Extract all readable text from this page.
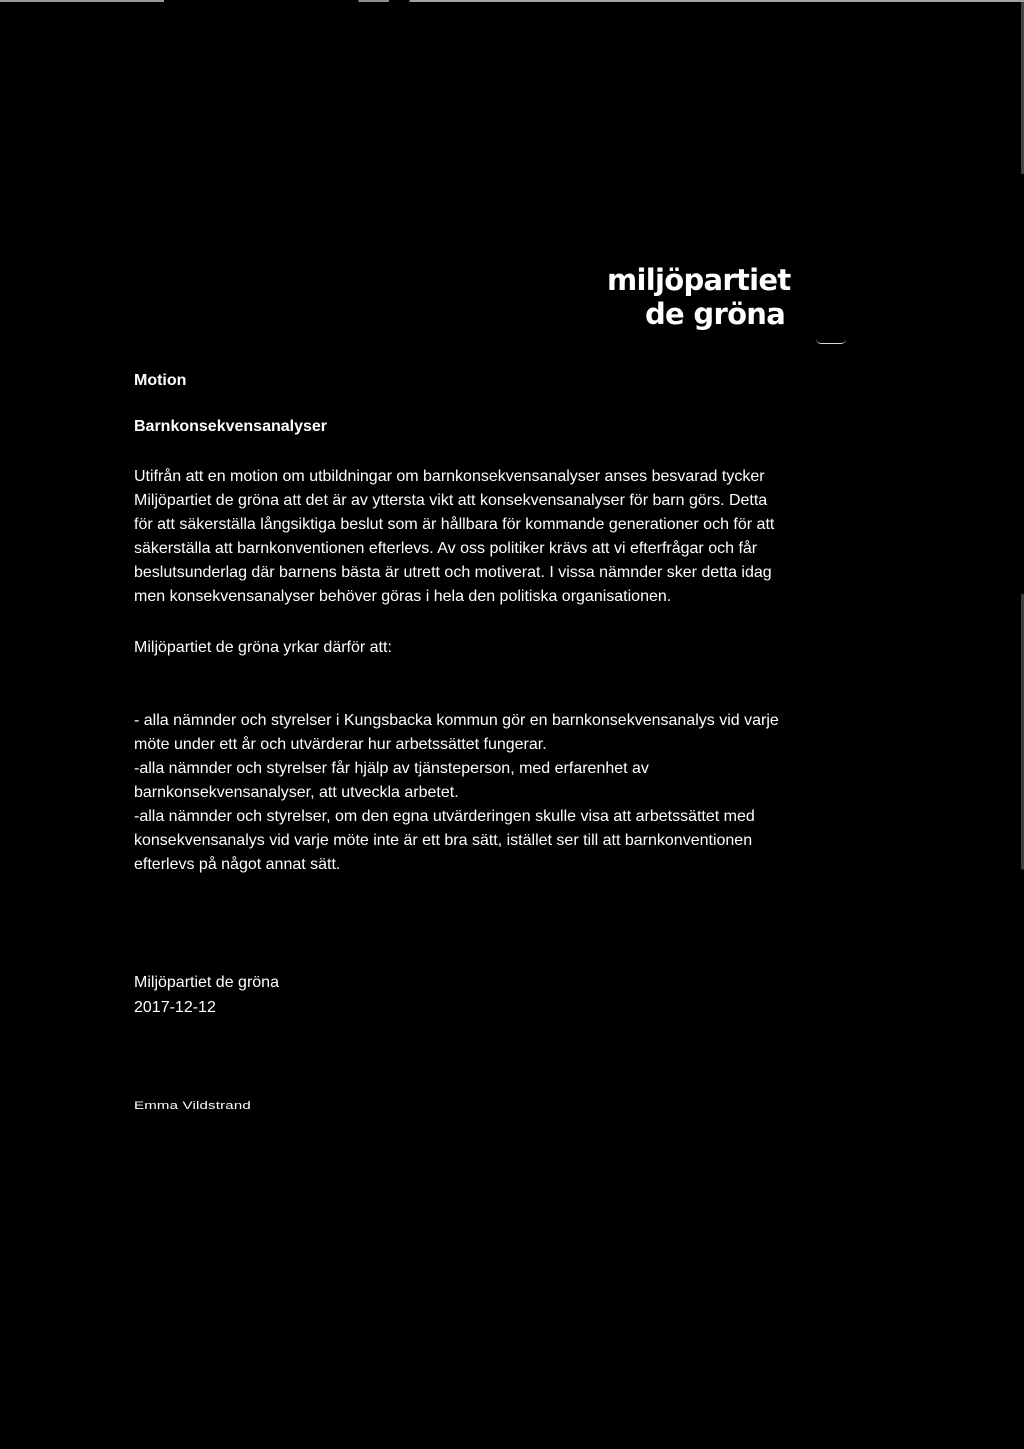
miljöpartiet
de gröna
Motion
Barnkonsekvensanalyser

Utifrån att en motion om utbildningar om barnkonsekvensanalyser anses besvarad tycker

Miljöpartiet de gröna att det är av yttersta vikt att konsekvensanalyser för barn görs. Detta

för att säkerställa långsiktiga beslut som är hållbara för kommande generationer och för att

säkerställa att barnkonventionen efterlevs. Av oss politiker krävs att vi efterfrågar och får

beslutsunderlag där barnens bästa är utrett och motiverat. I vissa nämnder sker detta idag

men konsekvensanalyser behöver göras i hela den politiska organisationen.

Miljöpartiet de gröna yrkar därför att:

- alla nämnder och styrelser i Kungsbacka kommun gör en barnkonsekvensanalys vid varje

möte under ett år och utvärderar hur arbetssättet fungerar.

-alla nämnder och styrelser får hjälp av tjänsteperson, med erfarenhet av

barnkonsekvensanalyser, att utveckla arbetet.

-alla nämnder och styrelser, om den egna utvärderingen skulle visa att arbetssättet med

konsekvensanalys vid varje möte inte är ett bra sätt, istället ser till att barnkonventionen

efterlevs på något annat sätt.

Miljöpartiet de gröna
2017-12-12
Emma Vildstrand
